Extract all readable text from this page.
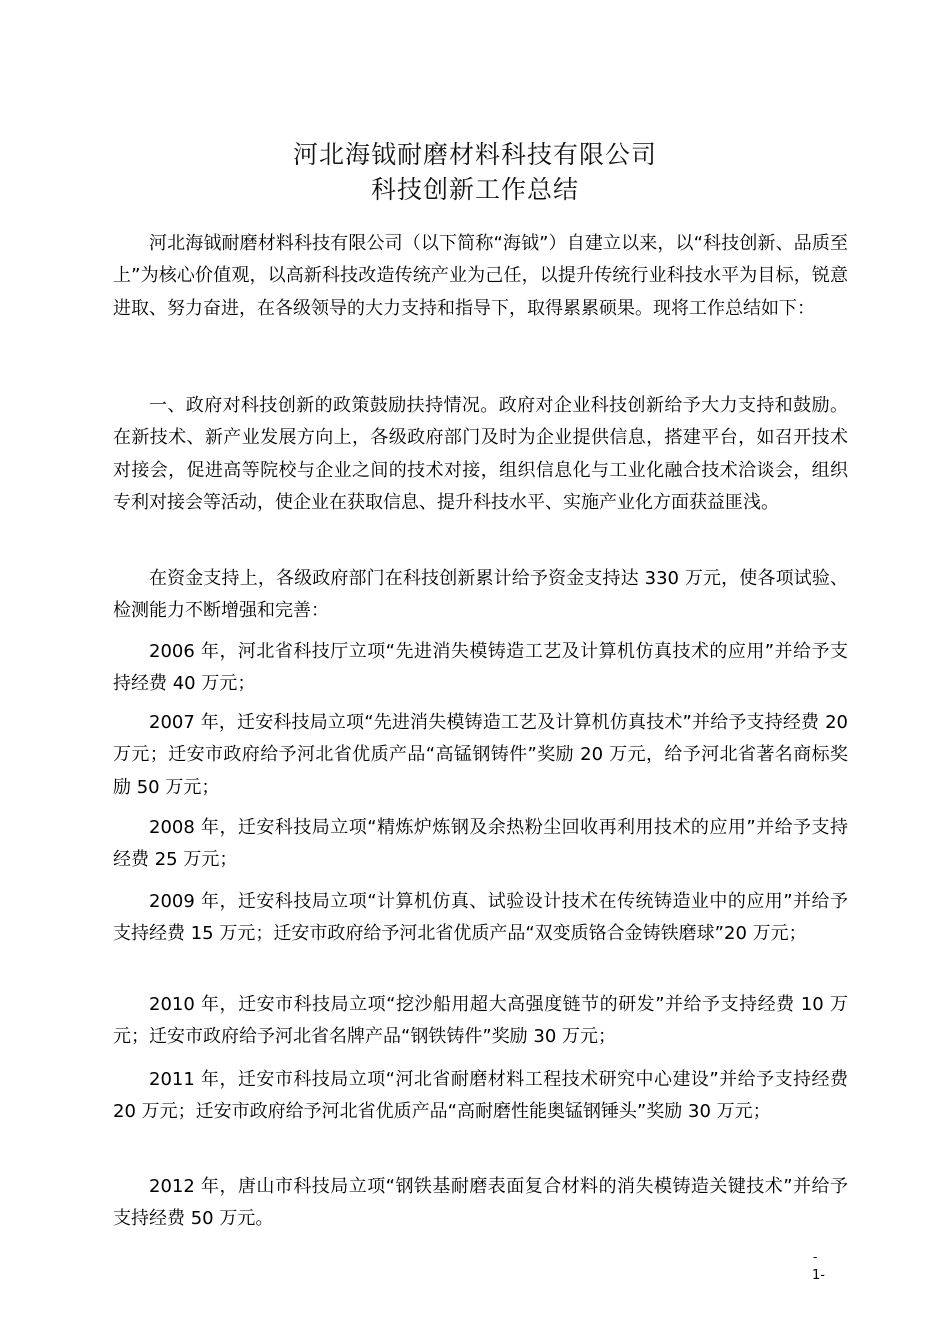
河北海钺耐磨材料科技有限公司
科技创新工作总结

河北海钺耐磨材料科技有限公司（以下简称“海钺”）自建立以来，以“科技创新、品质至上”为核心价值观，以高新科技改造传统产业为己任，以提升传统行业科技水平为目标，锐意进取、努力奋进，在各级领导的大力支持和指导下，取得累累硕果。现将工作总结如下：

一、政府对科技创新的政策鼓励扶持情况。政府对企业科技创新给予大力支持和鼓励。在新技术、新产业发展方向上，各级政府部门及时为企业提供信息，搭建平台，如召开技术对接会，促进高等院校与企业之间的技术对接，组织信息化与工业化融合技术洽谈会，组织专利对接会等活动，使企业在获取信息、提升科技水平、实施产业化方面获益匪浅。

在资金支持上，各级政府部门在科技创新累计给予资金支持达 330 万元，使各项试验、检测能力不断增强和完善：

2006 年，河北省科技厅立项“先进消失模铸造工艺及计算机仿真技术的应用”并给予支持经费 40 万元；

2007 年，迁安科技局立项“先进消失模铸造工艺及计算机仿真技术”并给予支持经费 20 万元；迁安市政府给予河北省优质产品“高锰钢铸件”奖励 20 万元，给予河北省著名商标奖励 50 万元；

2008 年，迁安科技局立项“精炼炉炼钢及余热粉尘回收再利用技术的应用”并给予支持经费 25 万元；

2009 年，迁安科技局立项“计算机仿真、试验设计技术在传统铸造业中的应用”并给予支持经费 15 万元；迁安市政府给予河北省优质产品“双变质铬合金铸铁磨球”20 万元；

2010 年，迁安市科技局立项“挖沙船用超大高强度链节的研发”并给予支持经费 10 万元；迁安市政府给予河北省名牌产品“钢铁铸件”奖励 30 万元；

2011 年，迁安市科技局立项“河北省耐磨材料工程技术研究中心建设”并给予支持经费 20 万元；迁安市政府给予河北省优质产品“高耐磨性能奥锰钢锤头”奖励 30 万元；

2012 年，唐山市科技局立项“钢铁基耐磨表面复合材料的消失模铸造关键技术”并给予支持经费 50 万元。

-
1-
